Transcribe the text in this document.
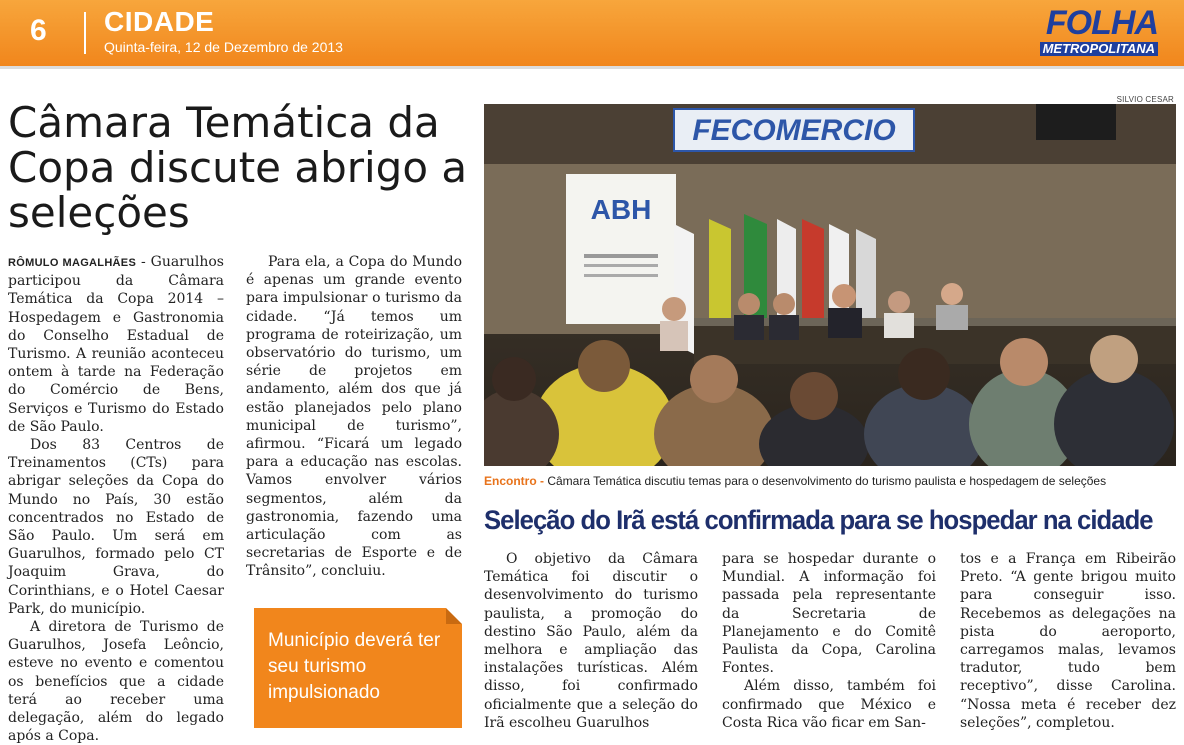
6 CIDADE
Quinta-feira, 12 de Dezembro de 2013
FOLHA
METROPOLITANA
Câmara Temática da Copa discute abrigo a seleções

RÔMULO MAGALHÃES - Guarulhos participou da Câmara Temática da Copa 2014 – Hospedagem e Gastronomia do Conselho Estadual de Turismo. A reunião aconteceu ontem à tarde na Federação do Comércio de Bens, Serviços e Turismo do Estado de São Paulo.

Dos 83 Centros de Treinamentos (CTs) para abrigar seleções da Copa do Mundo no País, 30 estão concentrados no Estado de São Paulo. Um será em Guarulhos, formado pelo CT Joaquim Grava, do Corinthians, e o Hotel Caesar Park, do município.

A diretora de Turismo de Guarulhos, Josefa Leôncio, esteve no evento e comentou os benefícios que a cidade terá ao receber uma delegação, além do legado após a Copa.

Para ela, a Copa do Mundo é apenas um grande evento para impulsionar o turismo da cidade. “Já temos um programa de roteirização, um observatório do turismo, um série de projetos em andamento, além dos que já estão planejados pelo plano municipal de turismo”, afirmou. “Ficará um legado para a educação nas escolas. Vamos envolver vários segmentos, além da gastronomia, fazendo uma articulação com as secretarias de Esporte e de Trânsito”, concluiu.

Município deverá ter seu turismo impulsionado
SILVIO CESAR
FECOMERCIO
ABH
Encontro - Câmara Temática discutiu temas para o desenvolvimento do turismo paulista e hospedagem de seleções
Seleção do Irã está confirmada para se hospedar na cidade

O objetivo da Câmara Temática foi discutir o desenvolvimento do turismo paulista, a promoção do destino São Paulo, além da melhora e ampliação das instalações turísticas. Além disso, foi confirmado oficialmente que a seleção do Irã escolheu Guarulhos

para se hospedar durante o Mundial. A informação foi passada pela representante da Secretaria de Planejamento e do Comitê Paulista da Copa, Carolina Fontes.

Além disso, também foi confirmado que México e Costa Rica vão ficar em San-

tos e a França em Ribeirão Preto. “A gente brigou muito para conseguir isso. Recebemos as delegações na pista do aeroporto, carregamos malas, levamos tradutor, tudo bem receptivo”, disse Carolina. “Nossa meta é receber dez seleções”, completou.
